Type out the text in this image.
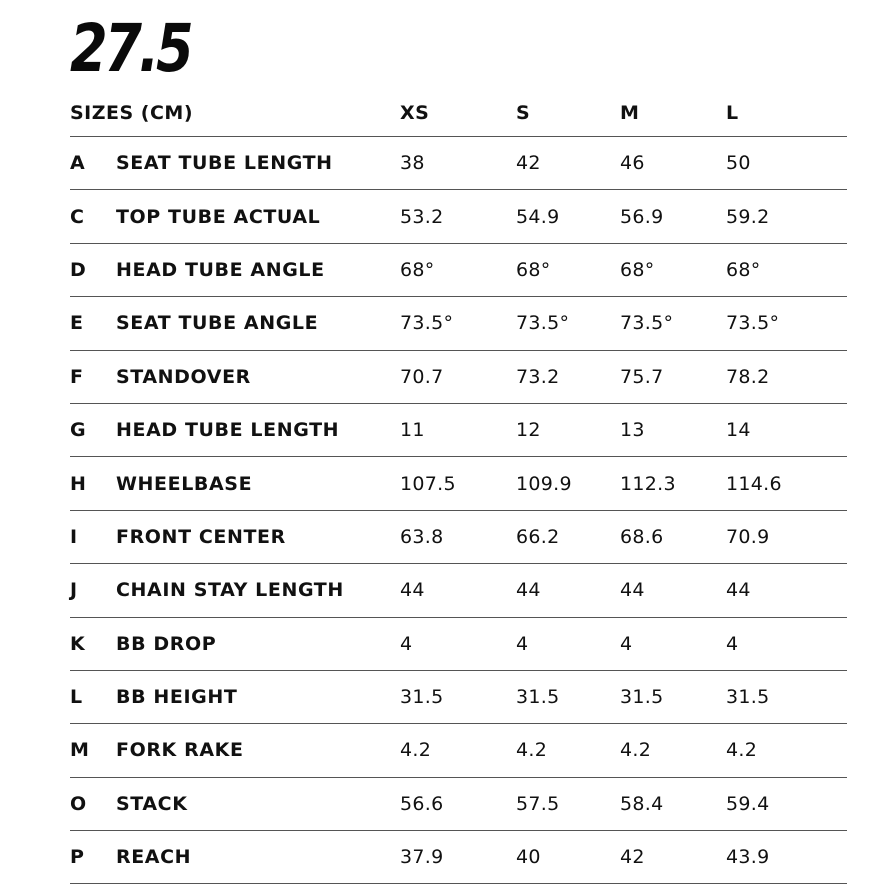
27.5
SIZES (CM)	XS	S	M	L
A SEAT TUBE LENGTH	38	42	46	50
C TOP TUBE ACTUAL	53.2	54.9	56.9	59.2
D HEAD TUBE ANGLE	68°	68°	68°	68°
E SEAT TUBE ANGLE	73.5°	73.5°	73.5°	73.5°
F STANDOVER	70.7	73.2	75.7	78.2
G HEAD TUBE LENGTH	11	12	13	14
H WHEELBASE	107.5	109.9	112.3	114.6
I FRONT CENTER	63.8	66.2	68.6	70.9
J CHAIN STAY LENGTH	44	44	44	44
K BB DROP	4	4	4	4
L BB HEIGHT	31.5	31.5	31.5	31.5
M FORK RAKE	4.2	4.2	4.2	4.2
O STACK	56.6	57.5	58.4	59.4
P REACH	37.9	40	42	43.9
